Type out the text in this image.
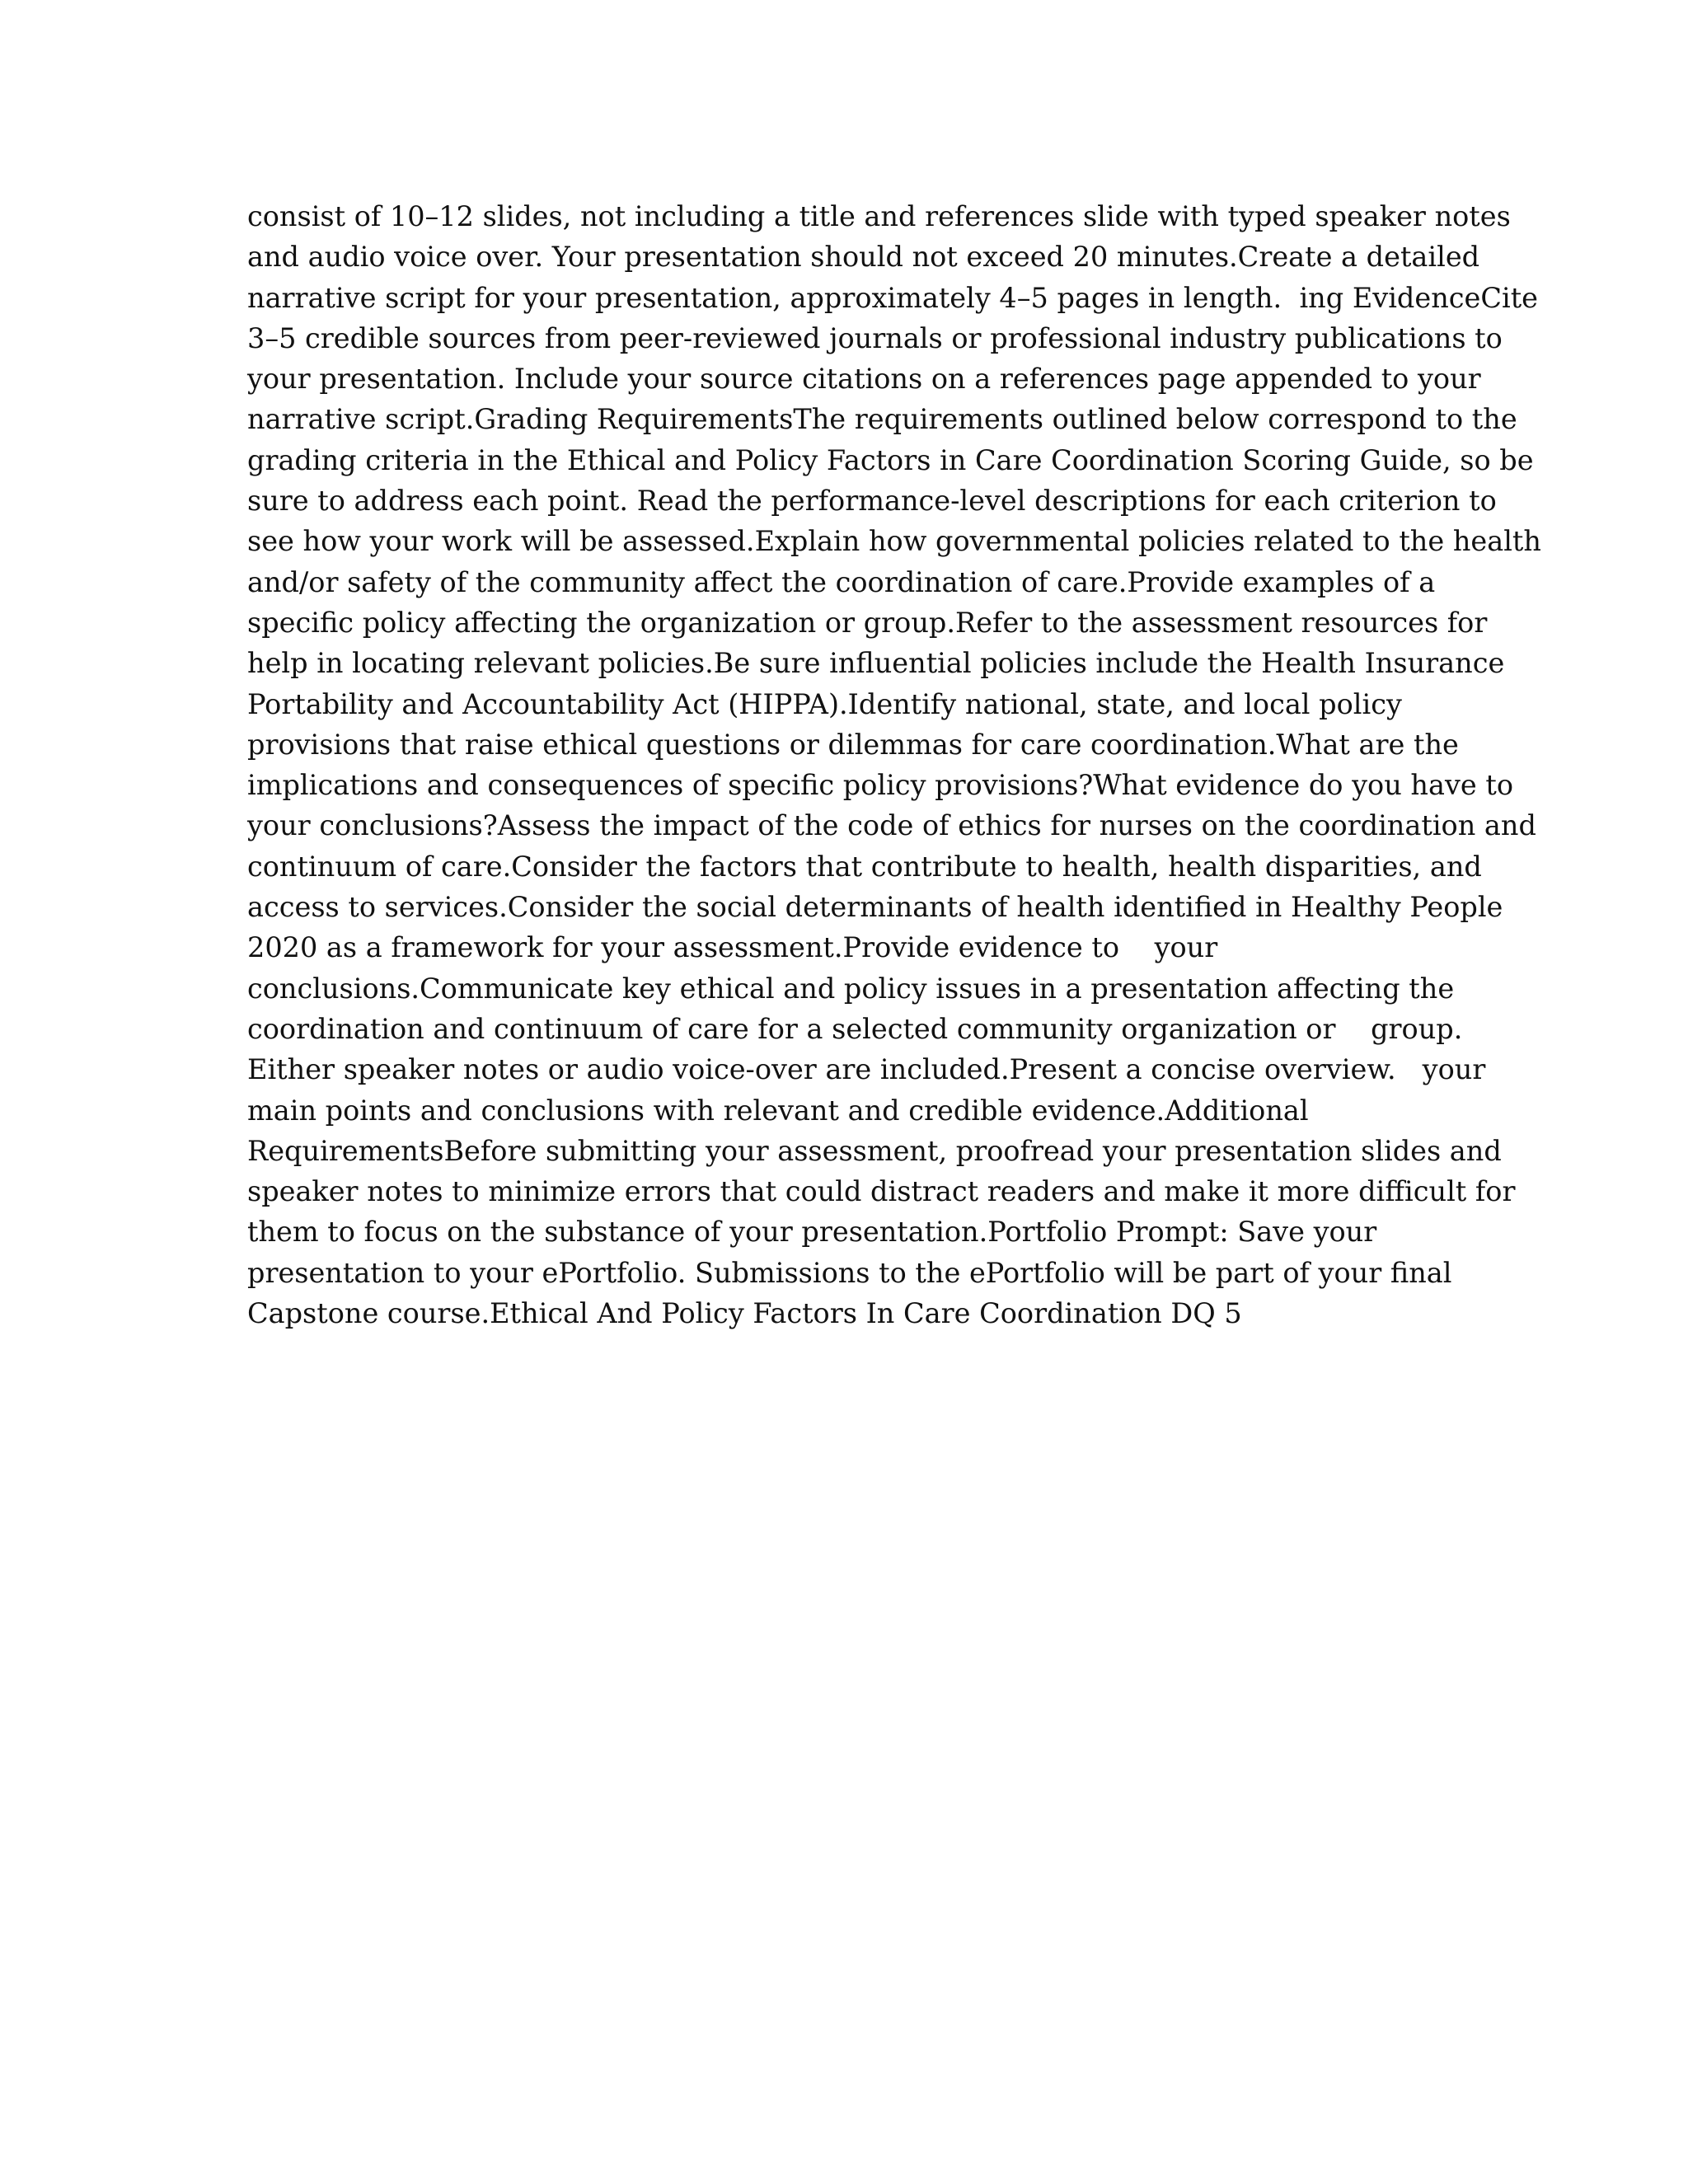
consist of 10–12 slides, not including a title and references slide with typed speaker notes
and audio voice over. Your presentation should not exceed 20 minutes.Create a detailed
narrative script for your presentation, approximately 4–5 pages in length.  ing EvidenceCite
3–5 credible sources from peer-reviewed journals or professional industry publications to
your presentation. Include your source citations on a references page appended to your
narrative script.Grading RequirementsThe requirements outlined below correspond to the
grading criteria in the Ethical and Policy Factors in Care Coordination Scoring Guide, so be
sure to address each point. Read the performance-level descriptions for each criterion to
see how your work will be assessed.Explain how governmental policies related to the health
and/or safety of the community affect the coordination of care.Provide examples of a
specific policy affecting the organization or group.Refer to the assessment resources for
help in locating relevant policies.Be sure influential policies include the Health Insurance
Portability and Accountability Act (HIPPA).Identify national, state, and local policy
provisions that raise ethical questions or dilemmas for care coordination.What are the
implications and consequences of specific policy provisions?What evidence do you have to
your conclusions?Assess the impact of the code of ethics for nurses on the coordination and
continuum of care.Consider the factors that contribute to health, health disparities, and
access to services.Consider the social determinants of health identified in Healthy People
2020 as a framework for your assessment.Provide evidence to    your
conclusions.Communicate key ethical and policy issues in a presentation affecting the
coordination and continuum of care for a selected community organization or    group.
Either speaker notes or audio voice-over are included.Present a concise overview.   your
main points and conclusions with relevant and credible evidence.Additional
RequirementsBefore submitting your assessment, proofread your presentation slides and
speaker notes to minimize errors that could distract readers and make it more difficult for
them to focus on the substance of your presentation.Portfolio Prompt: Save your
presentation to your ePortfolio. Submissions to the ePortfolio will be part of your final
Capstone course.Ethical And Policy Factors In Care Coordination DQ 5
